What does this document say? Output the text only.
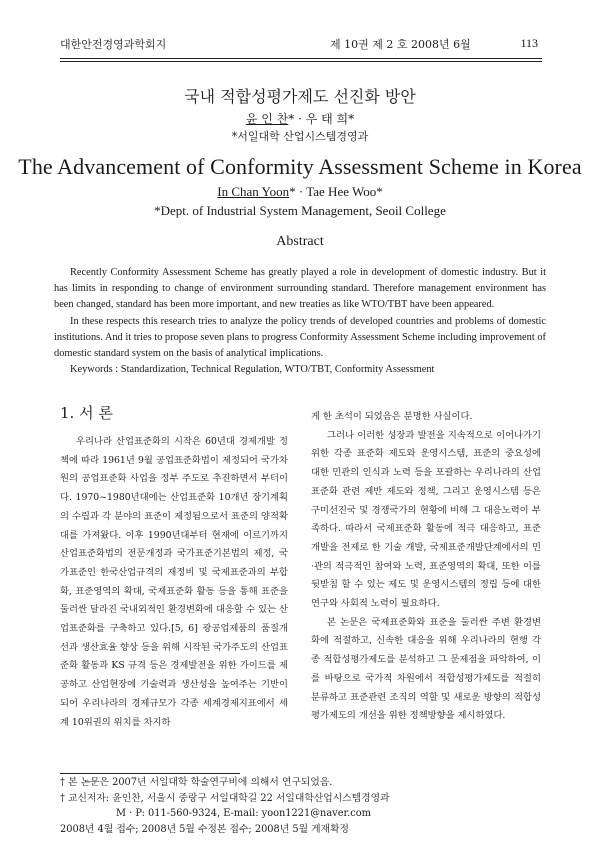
대한안전경영과학회지	제 10권 제 2 호 2008년 6월	113
국내 적합성평가제도 선진화 방안
윤 인 찬* · 우 태 희*
*서일대학 산업시스템경영과
The Advancement of Conformity Assessment Scheme in Korea
In Chan Yoon* · Tae Hee Woo*
*Dept. of Industrial System Management, Seoil College
Abstract

Recently Conformity Assessment Scheme has greatly played a role in development of domestic industry. But it has limits in responding to change of environment surrounding standard. Therefore management environment has been changed, standard has been more important, and new treaties as like WTO/TBT have been appeared.

In these respects this research tries to analyze the policy trends of developed countries and problems of domestic institutions. And it tries to propose seven plans to progress Conformity Assessment Scheme including improvement of domestic standard system on the basis of analytical implications.

Keywords : Standardization, Technical Regulation, WTO/TBT, Conformity Assessment

1. 서 론

우리나라 산업표준화의 시작은 60년대 경제개발 정책에 따라 1961년 9월 공업표준화법이 제정되어 국가차원의 공업표준화 사업을 정부 주도로 추진하면서 부터이다. 1970~1980년대에는 산업표준화 10개년 장기계획의 수립과 각 분야의 표준이 제정됨으로서 표준의 양적확대를 가져왔다. 이후 1990년대부터 현재에 이르기까지 산업표준화법의 전문개정과 국가표준기본법의 제정, 국가표준인 한국산업규격의 재정비 및 국제표준과의 부합화, 표준영역의 확대, 국제표준화 활동 등을 통해 표준을 둘러싼 달라진 국내외적인 환경변화에 대응할 수 있는 산업표준화를 구축하고 있다.[5, 6] 광공업제품의 품질개선과 생산효율 향상 등을 위해 시작된 국가주도의 산업표준화 활동과 KS 규격 등은 경제발전을 위한 가이드를 제공하고 산업현장에 기술력과 생산성을 높여주는 기반이 되어 우리나라의 경제규모가 각종 세계경제지표에서 세계 10위권의 위치를 차지하

게 한 초석이 되었음은 분명한 사실이다.

그러나 이러한 성장과 발전을 지속적으로 이어나가기 위한 각종 표준화 제도와 운영시스템, 표준의 중요성에 대한 민관의 인식과 노력 등을 포괄하는 우리나라의 산업표준화 관련 제반 제도와 정책, 그리고 운영시스템 등은 구미선진국 및 경쟁국가의 현황에 비해 그 대응노력이 부족하다. 따라서 국제표준화 활동에 적극 대응하고, 표준개발을 전제로 한 기술 개발, 국제표준개발단계에서의 민·관의 적극적인 참여와 노력, 표준영역의 확대, 또한 이를 뒷받침 할 수 있는 제도 및 운영시스템의 정립 등에 대한 연구와 사회적 노력이 필요하다.

본 논문은 국제표준화와 표준을 둘러싼 주변 환경변화에 적절하고, 신속한 대응을 위해 우리나라의 현행 각종 적합성평가제도를 분석하고 그 문제점을 파악하여, 이를 바탕으로 국가적 차원에서 적합성평가제도를 적절히 분류하고 표준관련 조직의 역할 및 새로운 방향의 적합성평가제도의 개선을 위한 정책방향을 제시하였다.

† 본 논문은 2007년 서일대학 학술연구비에 의해서 연구되었음.
† 교신저자: 윤인찬, 서울시 중랑구 서일대학길 22 서일대학산업시스템경영과
M · P: 011-560-9324, E-mail: yoon1221@naver.com
2008년 4월 접수; 2008년 5월 수정본 접수; 2008년 5월 게재확정
